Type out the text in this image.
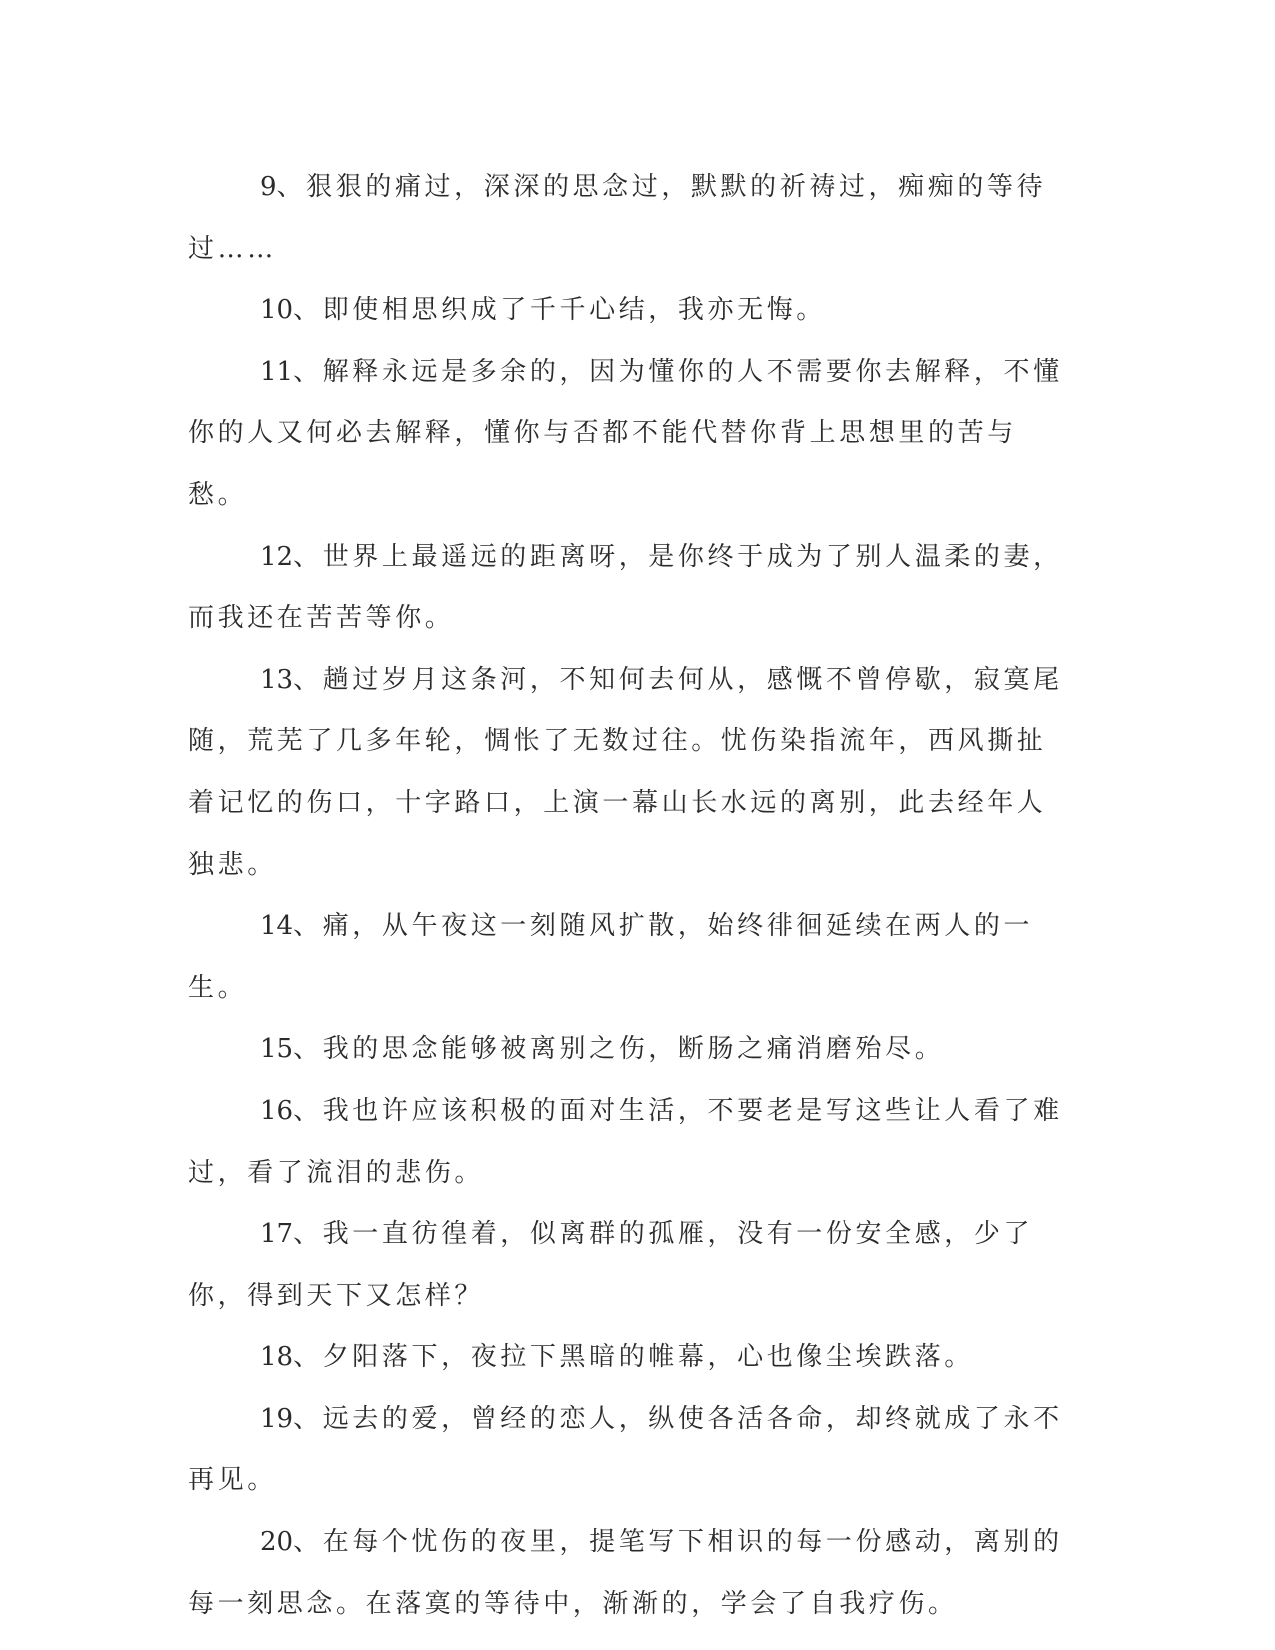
9、狠狠的痛过，深深的思念过，默默的祈祷过，痴痴的等待过……

10、即使相思织成了千千心结，我亦无悔。

11、解释永远是多余的，因为懂你的人不需要你去解释，不懂你的人又何必去解释，懂你与否都不能代替你背上思想里的苦与愁。

12、世界上最遥远的距离呀，是你终于成为了别人温柔的妻，而我还在苦苦等你。

13、趟过岁月这条河，不知何去何从，感慨不曾停歇，寂寞尾随，荒芜了几多年轮，惆怅了无数过往。忧伤染指流年，西风撕扯着记忆的伤口，十字路口，上演一幕山长水远的离别，此去经年人独悲。

14、痛，从午夜这一刻随风扩散，始终徘徊延续在两人的一生。

15、我的思念能够被离别之伤，断肠之痛消磨殆尽。

16、我也许应该积极的面对生活，不要老是写这些让人看了难过，看了流泪的悲伤。

17、我一直彷徨着，似离群的孤雁，没有一份安全感，少了你，得到天下又怎样？

18、夕阳落下，夜拉下黑暗的帷幕，心也像尘埃跌落。

19、远去的爱，曾经的恋人，纵使各活各命，却终就成了永不再见。

20、在每个忧伤的夜里，提笔写下相识的每一份感动，离别的每一刻思念。在落寞的等待中，渐渐的，学会了自我疗伤。
